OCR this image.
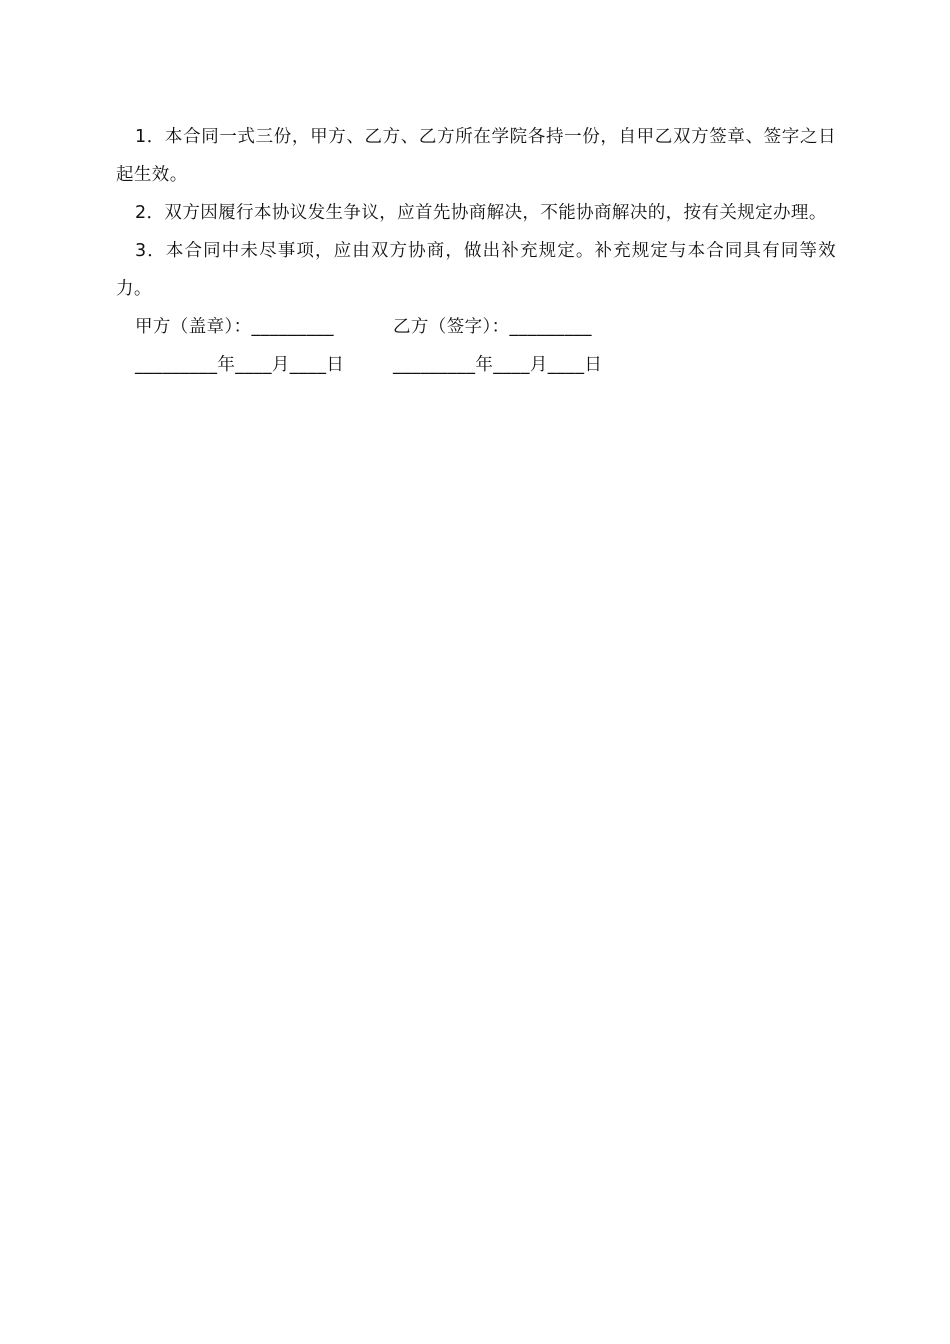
1．本合同一式三份，甲方、乙方、乙方所在学院各持一份，自甲乙双方签章、签字之日起生效。

2．双方因履行本协议发生争议，应首先协商解决，不能协商解决的，按有关规定办理。

3．本合同中未尽事项，应由双方协商，做出补充规定。补充规定与本合同具有同等效力。

甲方（盖章）：_________

	乙方（签字）：_________

_________年____月____日

	_________年____月____日
